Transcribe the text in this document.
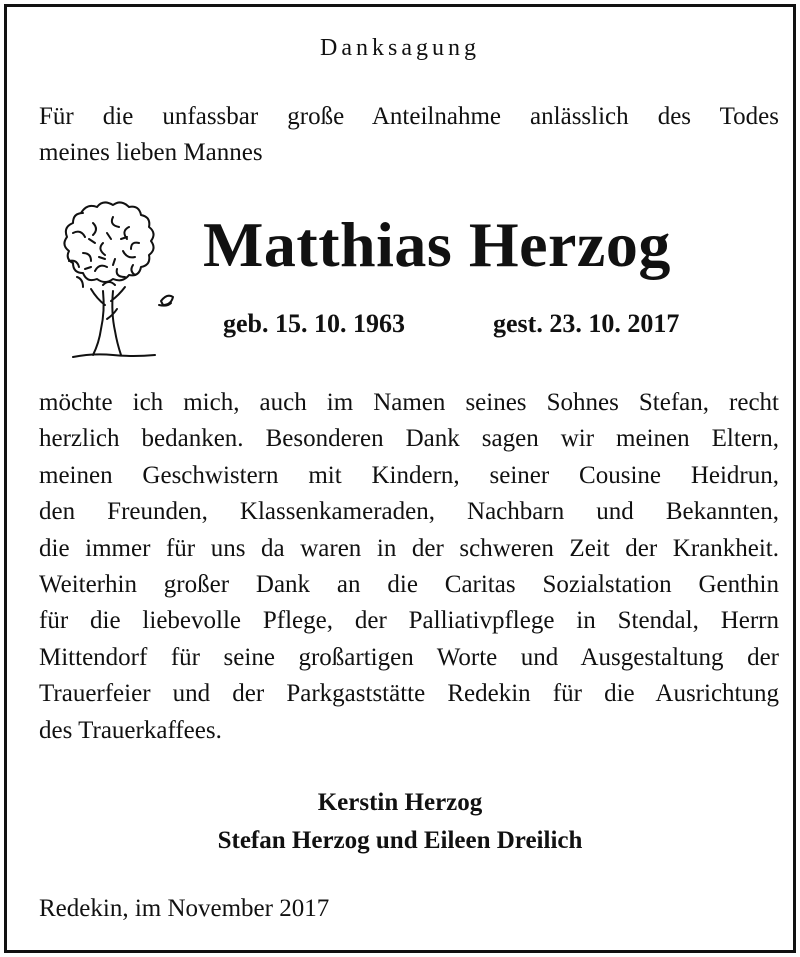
Danksagung
Für die unfassbar große Anteilnahme anlässlich des Todes
meines lieben Mannes
Matthias Herzog
geb. 15. 10. 1963	gest. 23. 10. 2017
möchte ich mich, auch im Namen seines Sohnes Stefan, recht
herzlich bedanken. Besonderen Dank sagen wir meinen Eltern,
meinen Geschwistern mit Kindern, seiner Cousine Heidrun,
den Freunden, Klassenkameraden, Nachbarn und Bekannten,
die immer für uns da waren in der schweren Zeit der Krankheit.
Weiterhin großer Dank an die Caritas Sozialstation Genthin
für die liebevolle Pflege, der Palliativpflege in Stendal, Herrn
Mittendorf für seine großartigen Worte und Ausgestaltung der
Trauerfeier und der Parkgaststätte Redekin für die Ausrichtung
des Trauerkaffees.
Kerstin Herzog
Stefan Herzog und Eileen Dreilich
Redekin, im November 2017
